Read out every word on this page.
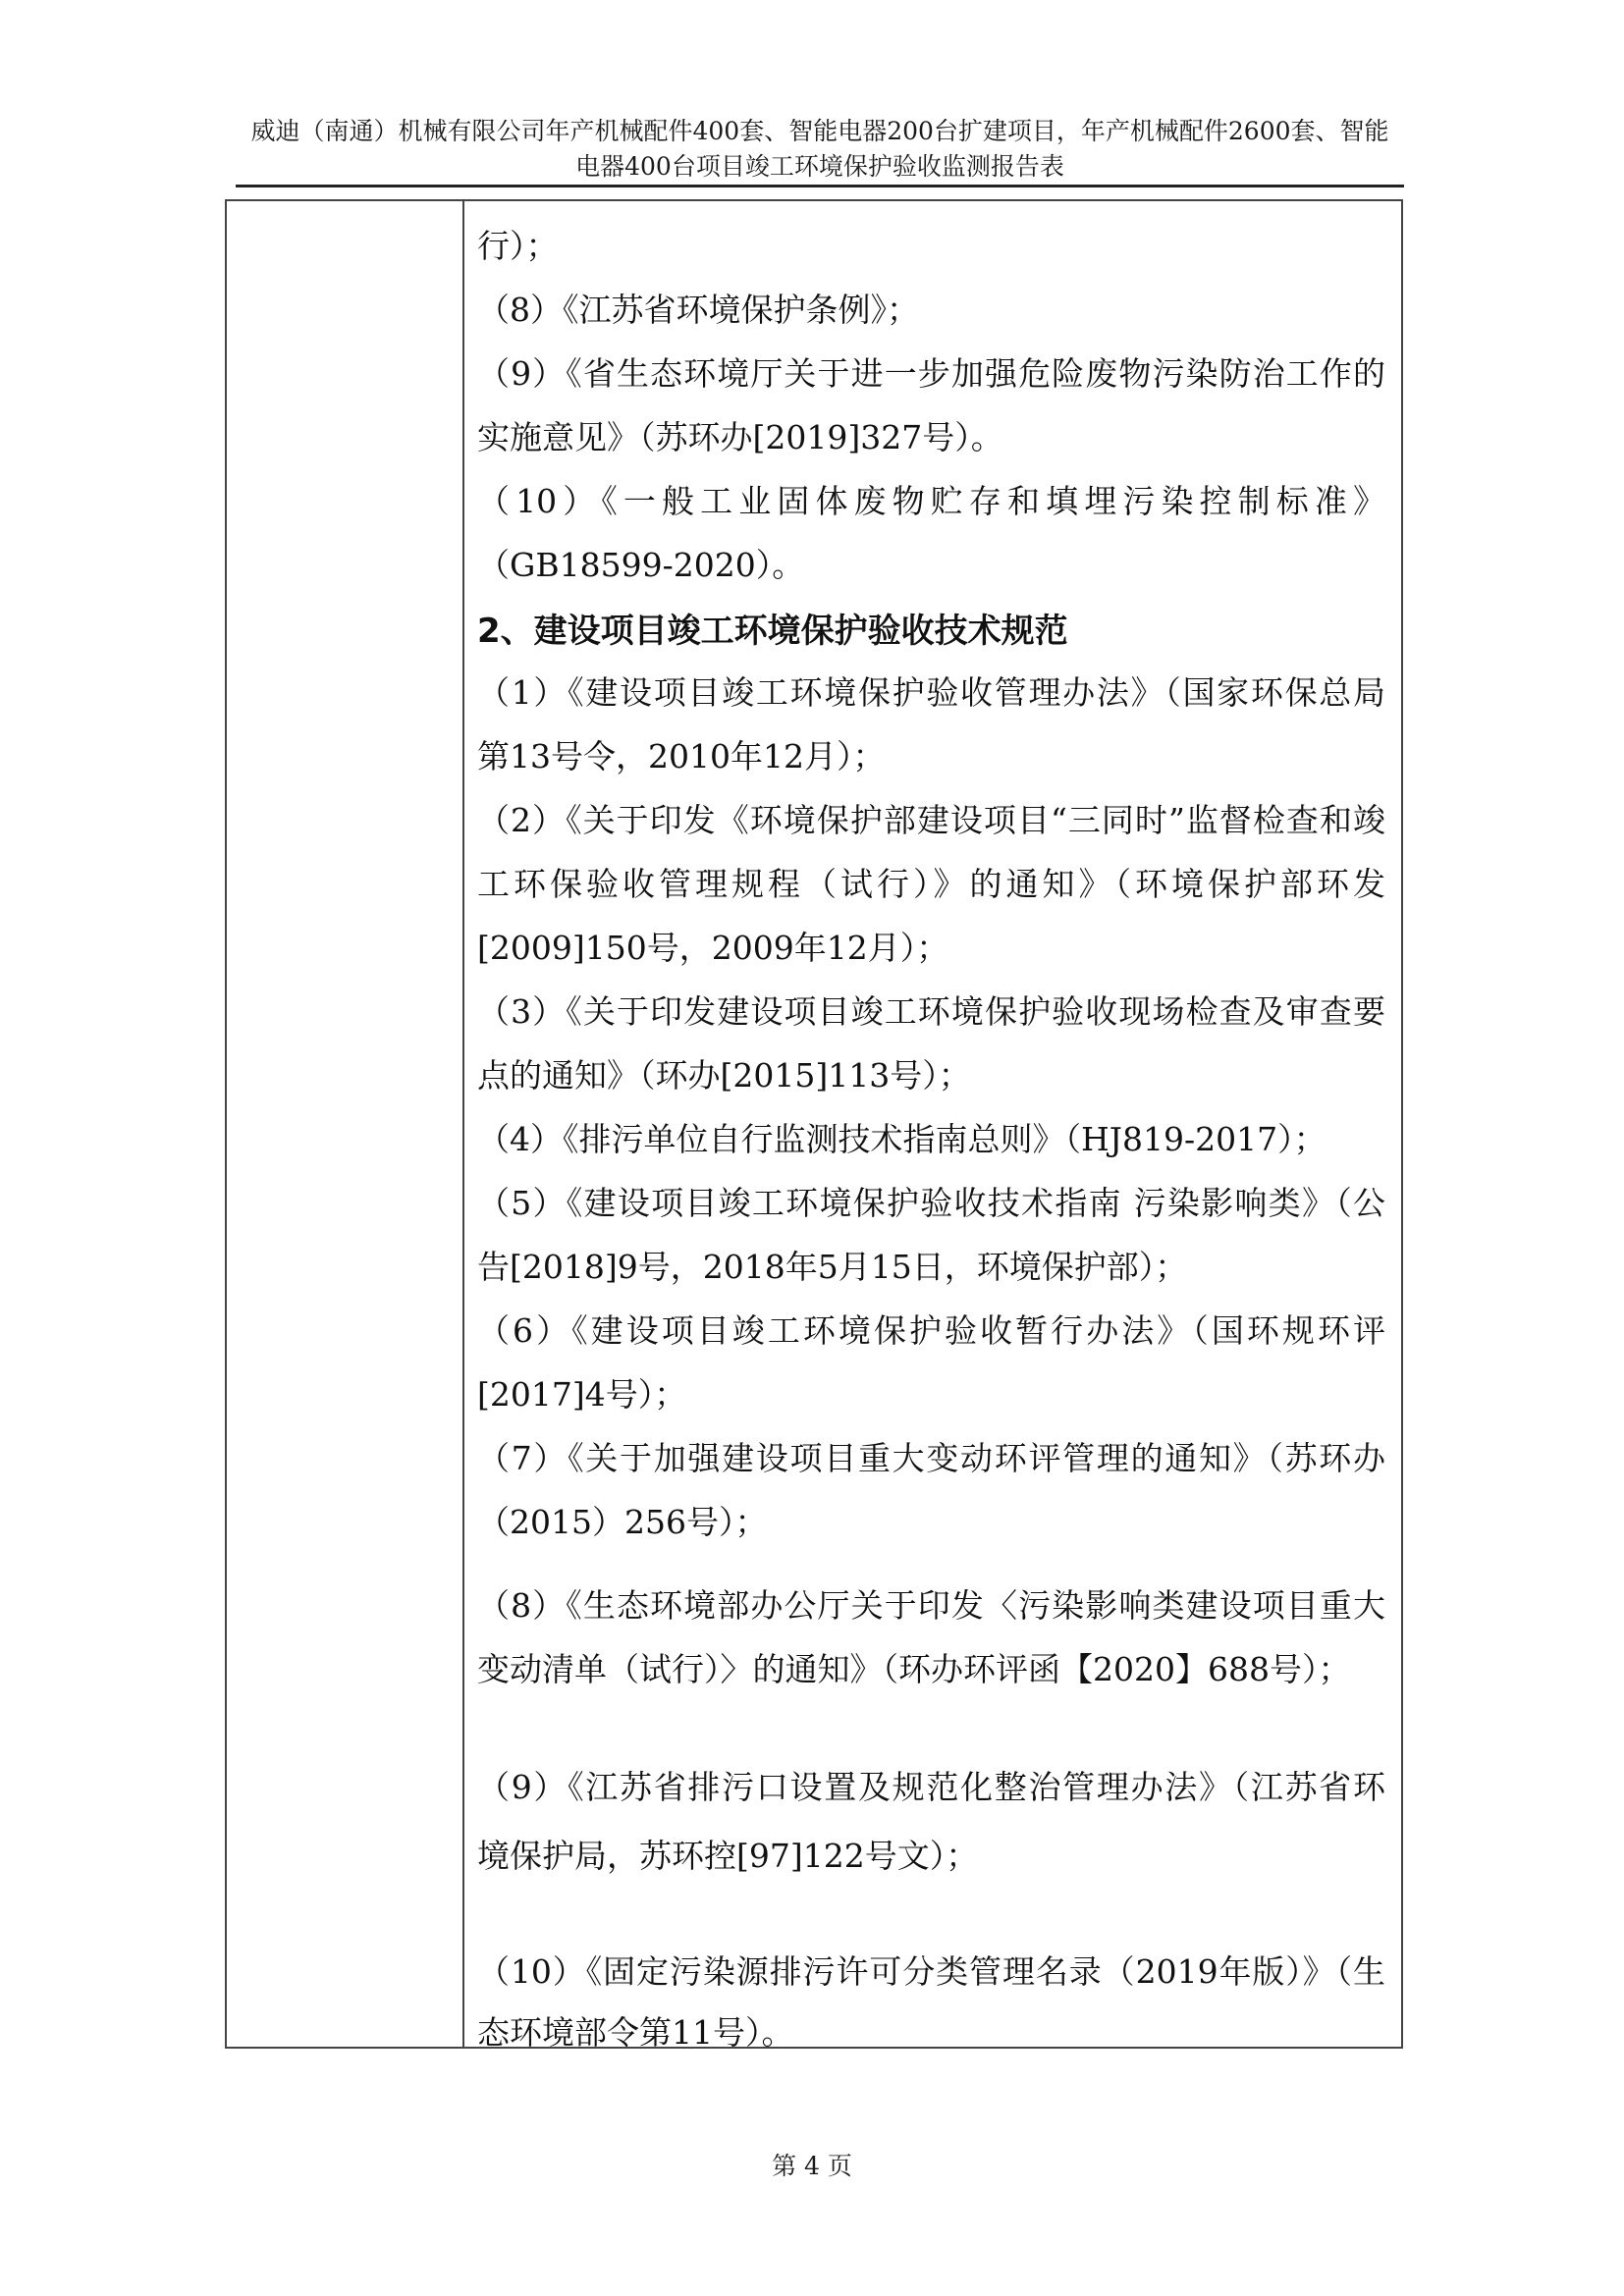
威迪（南通）机械有限公司年产机械配件400套、智能电器200台扩建项目，年产机械配件2600套、智能
电器400台项目竣工环境保护验收监测报告表
行）；
（8）《江苏省环境保护条例》；
（9）《省生态环境厅关于进一步加强危险废物污染防治工作的
实施意见》（苏环办[2019]327号）。
（10）《一般工业固体废物贮存和填埋污染控制标准》
（GB18599-2020）。
2、建设项目竣工环境保护验收技术规范
（1）《建设项目竣工环境保护验收管理办法》（国家环保总局
第13号令，2010年12月）；
（2）《关于印发《环境保护部建设项目“三同时”监督检查和竣
工环保验收管理规程（试行）》的通知》（环境保护部环发
[2009]150号，2009年12月）；
（3）《关于印发建设项目竣工环境保护验收现场检查及审查要
点的通知》（环办[2015]113号）；
（4）《排污单位自行监测技术指南总则》（HJ819-2017）；
（5）《建设项目竣工环境保护验收技术指南 污染影响类》（公
告[2018]9号，2018年5月15日，环境保护部）；
（6）《建设项目竣工环境保护验收暂行办法》（国环规环评
[2017]4号）；
（7）《关于加强建设项目重大变动环评管理的通知》（苏环办
（2015）256号）；
（8）《生态环境部办公厅关于印发〈污染影响类建设项目重大
变动清单（试行）〉的通知》（环办环评函【2020】688号）；
（9）《江苏省排污口设置及规范化整治管理办法》（江苏省环
境保护局，苏环控[97]122号文）；
（10）《固定污染源排污许可分类管理名录（2019年版）》（生
态环境部令第11号）。
第 4 页
